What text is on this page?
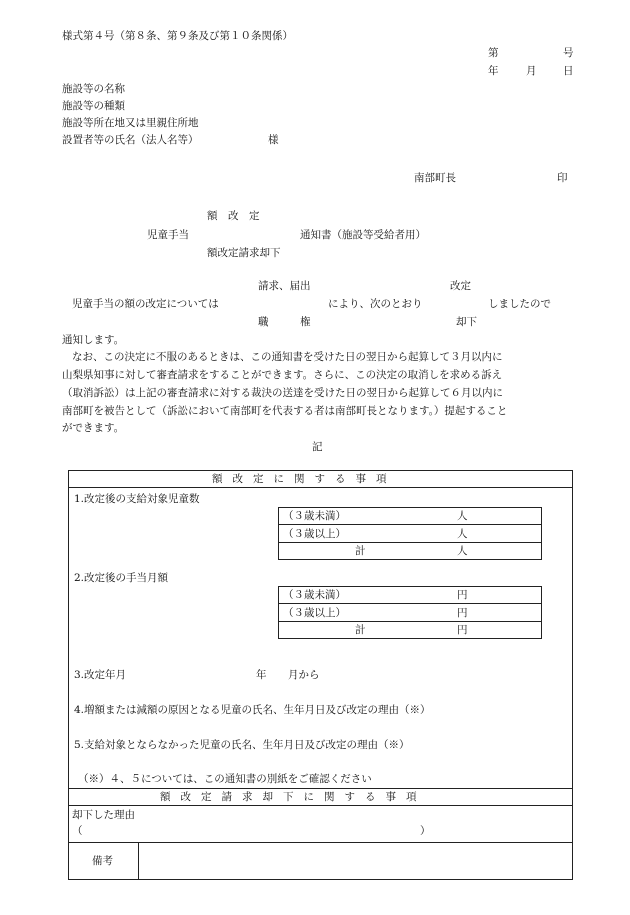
様式第４号（第８条、第９条及び第１０条関係）
第	号
年	月	日
施設等の名称
施設等の種類
施設等所在地又は里親住所地
設置者等の氏名（法人名等）	様
南部町長	印
額　改　定
児童手当	通知書（施設等受給者用）
額改定請求却下
請求、届出	改定
児童手当の額の改定については	により、次のとおり	しましたので
職　　　権	却下
通知します。
なお、この決定に不服のあるときは、この通知書を受けた日の翌日から起算して３月以内に
山梨県知事に対して審査請求をすることができます。さらに、この決定の取消しを求める訴え
（取消訴訟）は上記の審査請求に対する裁決の送達を受けた日の翌日から起算して６月以内に
南部町を被告として（訴訟において南部町を代表する者は南部町長となります。）提起すること
ができます。
記
額改定に関する事項
1.改定後の支給対象児童数
（３歳未満）	人
（３歳以上）	人
計	人
2.改定後の手当月額
（３歳未満）	円
（３歳以上）	円
計	円
3.改定年月	年 月から
4.増額または減額の原因となる児童の氏名、生年月日及び改定の理由（※）
5.支給対象とならなかった児童の氏名、生年月日及び改定の理由（※）
（※）４、５については、この通知書の別紙をご確認ください
額改定請求却下に関する事項
却下した理由
（	）
備考
